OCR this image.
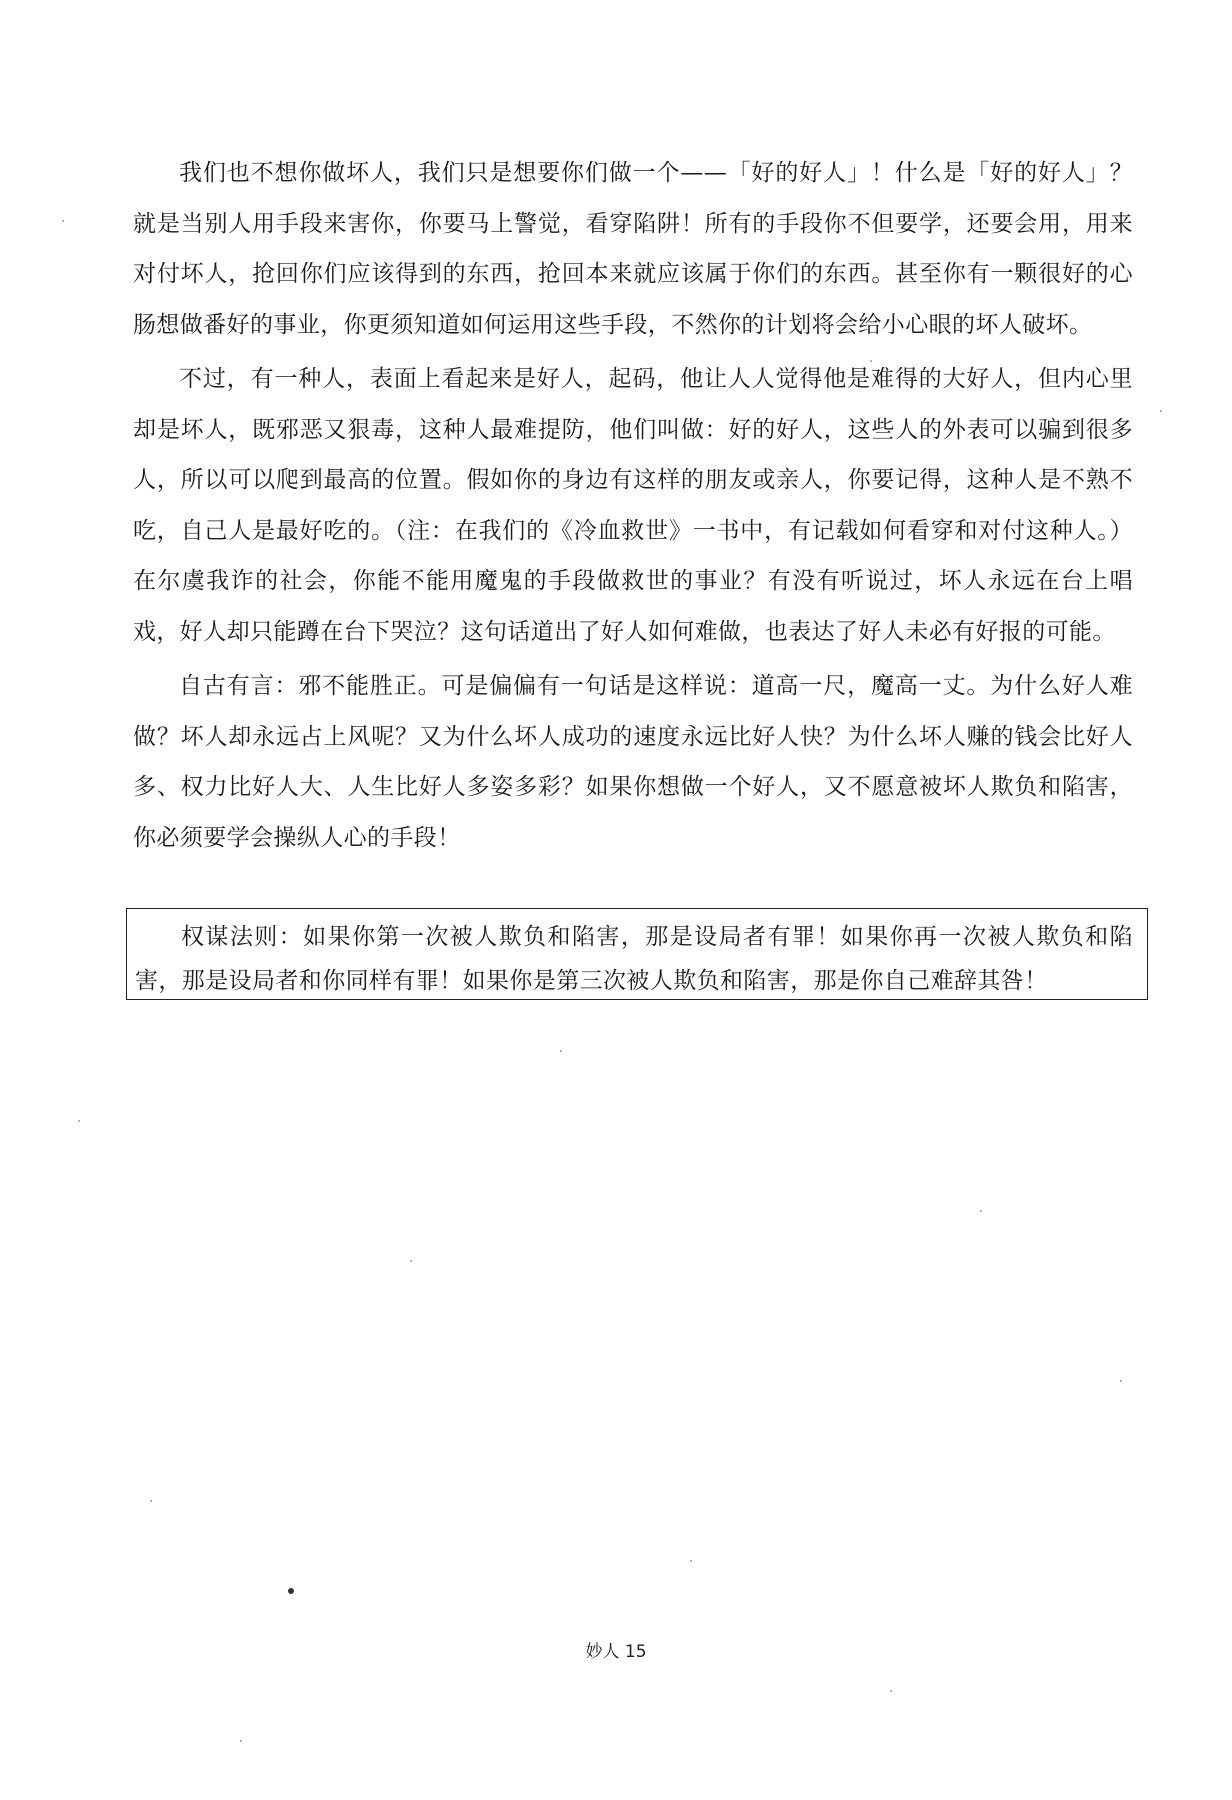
我们也不想你做坏人，我们只是想要你们做一个——「好的好人」！什么是「好的好人」？就是当别人用手段来害你，你要马上警觉，看穿陷阱！所有的手段你不但要学，还要会用，用来对付坏人，抢回你们应该得到的东西，抢回本来就应该属于你们的东西。甚至你有一颗很好的心肠想做番好的事业，你更须知道如何运用这些手段，不然你的计划将会给小心眼的坏人破坏。

不过，有一种人，表面上看起来是好人，起码，他让人人觉得他是难得的大好人，但内心里却是坏人，既邪恶又狠毒，这种人最难提防，他们叫做：好的好人，这些人的外表可以骗到很多人，所以可以爬到最高的位置。假如你的身边有这样的朋友或亲人，你要记得，这种人是不熟不吃，自己人是最好吃的。（注：在我们的《冷血救世》一书中，有记载如何看穿和对付这种人。）在尔虞我诈的社会，你能不能用魔鬼的手段做救世的事业？有没有听说过，坏人永远在台上唱戏，好人却只能蹲在台下哭泣？这句话道出了好人如何难做，也表达了好人未必有好报的可能。

自古有言：邪不能胜正。可是偏偏有一句话是这样说：道高一尺，魔高一丈。为什么好人难做？坏人却永远占上风呢？又为什么坏人成功的速度永远比好人快？为什么坏人赚的钱会比好人多、权力比好人大、人生比好人多姿多彩？如果你想做一个好人，又不愿意被坏人欺负和陷害，你必须要学会操纵人心的手段！

权谋法则：如果你第一次被人欺负和陷害，那是设局者有罪！如果你再一次被人欺负和陷害，那是设局者和你同样有罪！如果你是第三次被人欺负和陷害，那是你自己难辞其咎！

妙人 15
